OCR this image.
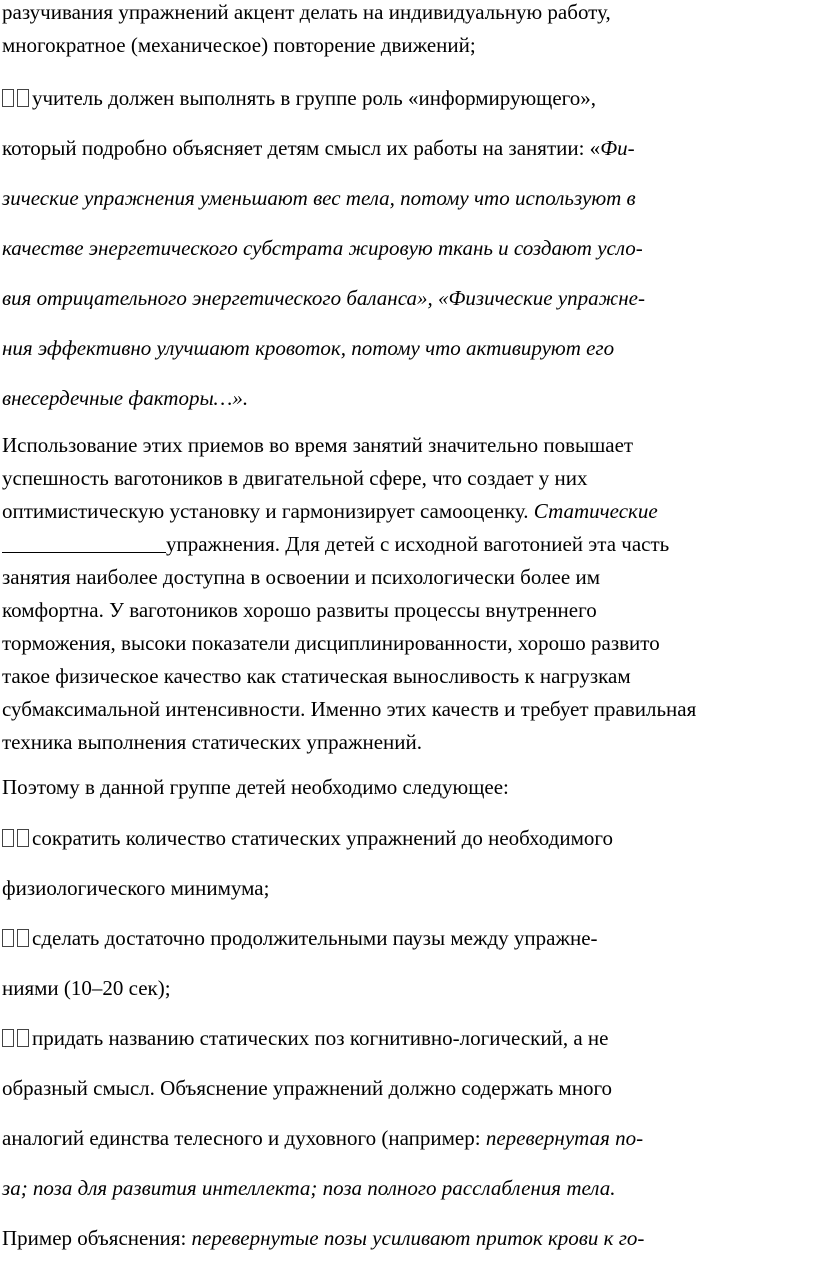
разучивания упражнений акцент делать на индивидуальную работу,
многократное (механическое) повторение движений;
учитель должен выполнять в группе роль «информирующего»,
который подробно объясняет детям смысл их работы на занятии: «Фи-
зические упражнения уменьшают вес тела, потому что используют в
качестве энергетического субстрата жировую ткань и создают усло-
вия отрицательного энергетического баланса», «Физические упражне-
ния эффективно улучшают кровоток, потому что активируют его
внесердечные факторы…».
Использование этих приемов во время занятий значительно повышает
успешность ваготоников в двигательной сфере, что создает у них
оптимистическую установку и гармонизирует самооценку. Статические
упражнения. Для детей с исходной ваготонией эта часть
занятия наиболее доступна в освоении и психологически более им
комфортна. У ваготоников хорошо развиты процессы внутреннего
торможения, высоки показатели дисциплинированности, хорошо развито
такое физическое качество как статическая выносливость к нагрузкам
субмаксимальной интенсивности. Именно этих качеств и требует правильная
техника выполнения статических упражнений.
Поэтому в данной группе детей необходимо следующее:
сократить количество статических упражнений до необходимого
физиологического минимума;
сделать достаточно продолжительными паузы между упражне-
ниями (10–20 сек);
придать названию статических поз когнитивно-логический, а не
образный смысл. Объяснение упражнений должно содержать много
аналогий единства телесного и духовного (например: перевернутая по-
за; поза для развития интеллекта; поза полного расслабления тела.
Пример объяснения: перевернутые позы усиливают приток крови к го-
